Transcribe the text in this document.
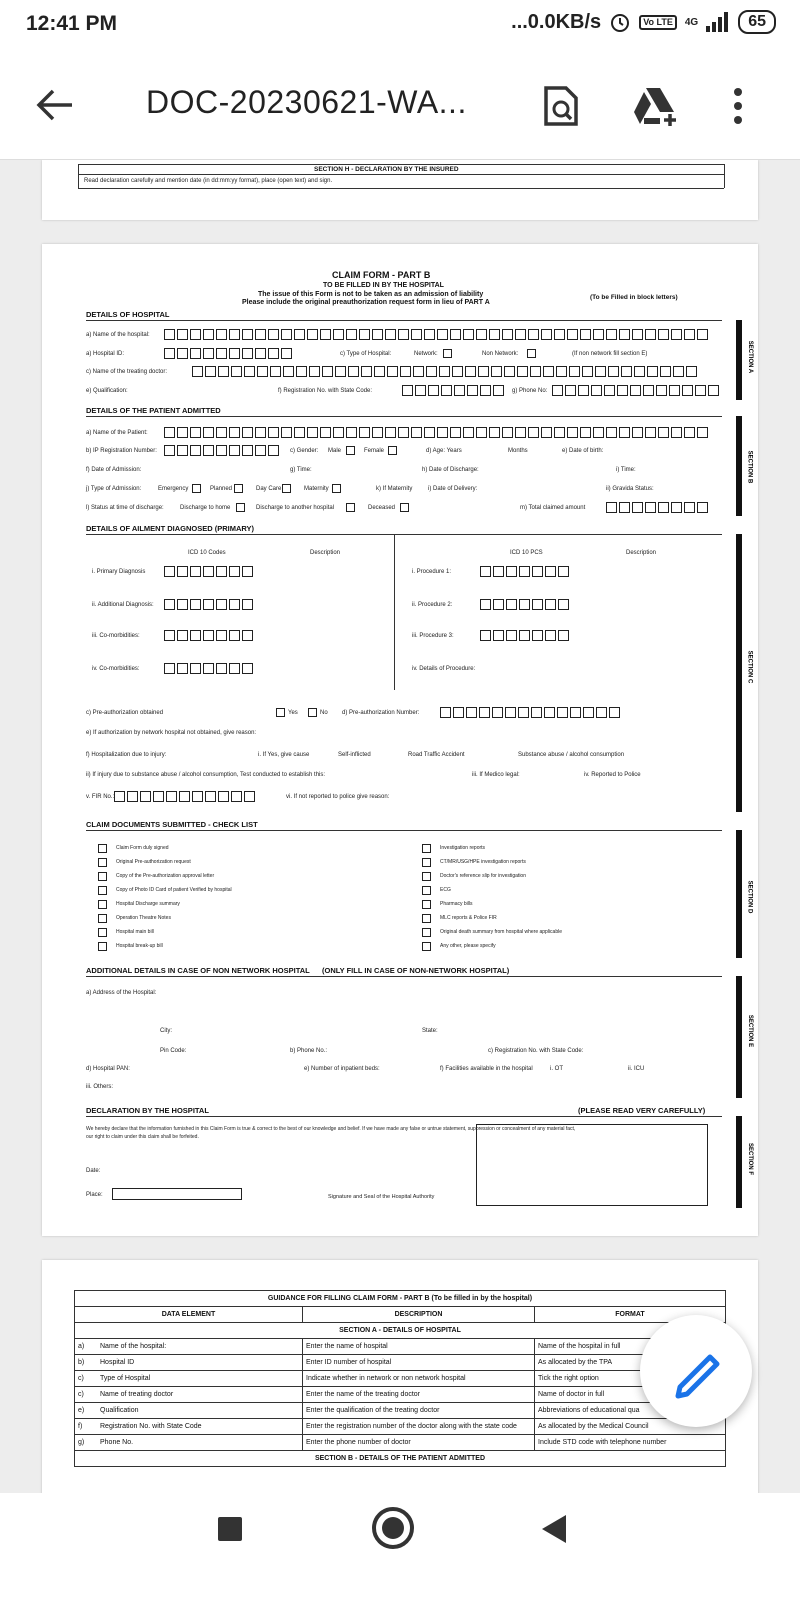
12:41 PM	...0.0KB/s	Vo LTE	4G	65
DOC-20230621-WA...
SECTION H - DECLARATION BY THE INSURED
Read declaration carefully and mention date (in dd:mm:yy format), place (open text) and sign.
CLAIM FORM - PART B
TO BE FILLED IN BY THE HOSPITAL
The issue of this Form is not to be taken as an admission of liability
Please include the original preauthorization request form in lieu of PART A
(To be Filled in block letters)
DETAILS OF HOSPITAL
a) Name of the hospital:
a) Hospital ID:	c) Type of Hospital:	Network:	Non Network:	(If non network fill section E)
c) Name of the treating doctor:
e) Qualification:	f) Registration No. with State Code:	g) Phone No:
SECTION A
DETAILS OF THE PATIENT ADMITTED
a) Name of the Patient:
b) IP Registration Number:	c) Gender: Male	Female	d) Age: Years	Months	e) Date of birth:
f) Date of Admission:	g) Time:	h) Date of Discharge:	i) Time:
j) Type of Admission:	Emergency	Planned	Day Care	Maternity	k) If Maternity	i) Date of Delivery:	ii) Gravida Status:
l) Status at time of discharge:	Discharge to home	Discharge to another hospital	Deceased	m) Total claimed amount
SECTION B
DETAILS OF AILMENT DIAGNOSED (PRIMARY)
ICD 10 Codes	Description	ICD 10 PCS	Description
i. Primary Diagnosis
ii. Additional Diagnosis:
iii. Co-morbidities:
iv. Co-morbidities:
i. Procedure 1:
ii. Procedure 2:
iii. Procedure 3:
iv. Details of Procedure:
c) Pre-authorization obtained	Yes	No d) Pre-authorization Number:
e) If authorization by network hospital not obtained, give reason:
f) Hospitalization due to injury:	i. If Yes, give cause	Self-inflicted	Road Traffic Accident	Substance abuse / alcohol consumption
ii) If injury due to substance abuse / alcohol consumption, Test conducted to establish this:	iii. If Medico legal:	iv. Reported to Police
v. FIR No.:	vi. If not reported to police give reason:
SECTION C
CLAIM DOCUMENTS SUBMITTED - CHECK LIST
Claim Form duly signed
Original Pre-authorization request
Copy of the Pre-authorization approval letter
Copy of Photo ID Card of patient Verified by hospital
Hospital Discharge summary
Operation Theatre Notes
Hospital main bill
Hospital break-up bill
Investigation reports
CT/MR/USG/HPE investigation reports
Doctor's reference slip for investigation
ECG
Pharmacy bills
MLC reports & Police FIR
Original death summary from hospital where applicable
Any other, please specify
SECTION D
ADDITIONAL DETAILS IN CASE OF NON NETWORK HOSPITAL (ONLY FILL IN CASE OF NON-NETWORK HOSPITAL)
a) Address of the Hospital:
City:	State:
Pin Code:	b) Phone No.:	c) Registration No. with State Code:
d) Hospital PAN:	e) Number of inpatient beds:	f) Facilities available in the hospital	i. OT	ii. ICU
iii. Others:
SECTION E
DECLARATION BY THE HOSPITAL	(PLEASE READ VERY CAREFULLY)
We hereby declare that the information furnished in this Claim Form is true & correct to the best of our knowledge and belief. If we have made any false or untrue statement, suppression or concealment of any material fact,
our right to claim under this claim shall be forfeited.
Date:
Place:	Signature and Seal of the Hospital Authority
SECTION F
GUIDANCE FOR FILLING CLAIM FORM - PART B (To be filled in by the hospital)		
DATA ELEMENT	DESCRIPTION	FORMAT
SECTION A - DETAILS OF HOSPITAL		
a) Name of the hospital:	Enter the name of hospital	Name of the hospital in full
b) Hospital ID	Enter ID number of hospital	As allocated by the TPA
c) Type of Hospital	Indicate whether in network or non network hospital	Tick the right option
c) Name of treating doctor	Enter the name of the treating doctor	Name of doctor in full
e) Qualification	Enter the qualification of the treating doctor	Abbreviations of educational qua
f) Registration No. with State Code	Enter the registration number of the doctor along with the state code	As allocated by the Medical Council
g) Phone No.	Enter the phone number of doctor	Include STD code with telephone number
SECTION B - DETAILS OF THE PATIENT ADMITTED		
